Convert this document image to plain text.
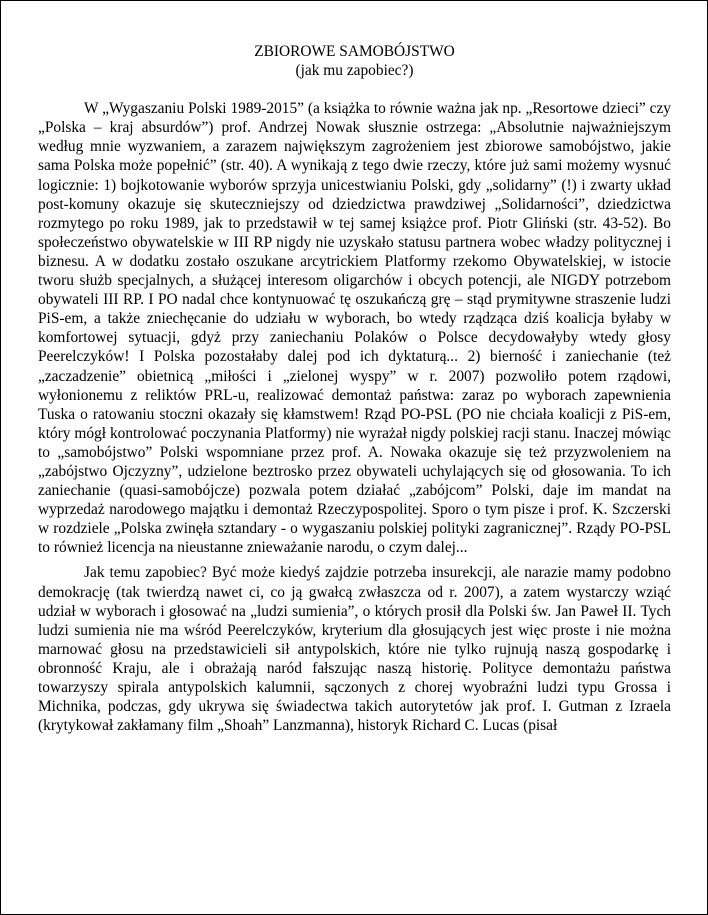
ZBIOROWE SAMOBÓJSTWO

(jak mu zapobiec?)

W „Wygaszaniu Polski 1989-2015” (a książka to równie ważna jak np. „Resortowe dzieci” czy „Polska – kraj absurdów”) prof. Andrzej Nowak słusznie ostrzega: „Absolutnie najważniejszym według mnie wyzwaniem, a zarazem największym zagrożeniem jest zbiorowe samobójstwo, jakie sama Polska może popełnić” (str. 40). A wynikają z tego dwie rzeczy, które już sami możemy wysnuć logicznie: 1) bojkotowanie wyborów sprzyja unicestwianiu Polski, gdy „solidarny” (!) i zwarty układ post-komuny okazuje się skuteczniejszy od dziedzictwa prawdziwej „Solidarności”, dziedzictwa rozmytego po roku 1989, jak to przedstawił w tej samej książce prof. Piotr Gliński (str. 43-52). Bo społeczeństwo obywatelskie w III RP nigdy nie uzyskało statusu partnera wobec władzy politycznej i biznesu. A w dodatku zostało oszukane arcytrickiem Platformy rzekomo Obywatelskiej, w istocie tworu służb specjalnych, a służącej interesom oligarchów i obcych potencji, ale NIGDY potrzebom obywateli III RP. I PO nadal chce kontynuować tę oszukańczą grę – stąd prymitywne straszenie ludzi PiS-em, a także zniechęcanie do udziału w wyborach, bo wtedy rządząca dziś koalicja byłaby w komfortowej sytuacji, gdyż przy zaniechaniu Polaków o Polsce decydowałyby wtedy głosy Peerelczyków! I Polska pozostałaby dalej pod ich dyktaturą... 2) bierność i zaniechanie (też „zaczadzenie” obietnicą „miłości i „zielonej wyspy” w r. 2007) pozwoliło potem rządowi, wyłonionemu z reliktów PRL-u, realizować demontaż państwa: zaraz po wyborach zapewnienia Tuska o ratowaniu stoczni okazały się kłamstwem! Rząd PO-PSL (PO nie chciała koalicji z PiS-em, który mógł kontrolować poczynania Platformy) nie wyrażał nigdy polskiej racji stanu. Inaczej mówiąc to „samobójstwo” Polski wspomniane przez prof. A. Nowaka okazuje się też przyzwoleniem na „zabójstwo Ojczyzny”, udzielone beztrosko przez obywateli uchylających się od głosowania. To ich zaniechanie (quasi-samobójcze) pozwala potem działać „zabójcom” Polski, daje im mandat na wyprzedaż narodowego majątku i demontaż Rzeczypospolitej. Sporo o tym pisze i prof. K. Szczerski w rozdziele „Polska zwinęła sztandary - o wygaszaniu polskiej polityki zagranicznej”. Rządy PO-PSL to również licencja na nieustanne znieważanie narodu, o czym dalej...

Jak temu zapobiec? Być może kiedyś zajdzie potrzeba insurekcji, ale narazie mamy podobno demokrację (tak twierdzą nawet ci, co ją gwałcą zwłaszcza od r. 2007), a zatem wystarczy wziąć udział w wyborach i głosować na „ludzi sumienia”, o których prosił dla Polski św. Jan Paweł II. Tych ludzi sumienia nie ma wśród Peerelczyków, kryterium dla głosujących jest więc proste i nie można marnować głosu na przedstawicieli sił antypolskich, które nie tylko rujnują naszą gospodarkę i obronność Kraju, ale i obrażają naród fałszując naszą historię. Polityce demontażu państwa towarzyszy spirala antypolskich kalumnii, sączonych z chorej wyobraźni ludzi typu Grossa i Michnika, podczas, gdy ukrywa się świadectwa takich autorytetów jak prof. I. Gutman z Izraela (krytykował zakłamany film „Shoah” Lanzmanna), historyk Richard C. Lucas (pisał
